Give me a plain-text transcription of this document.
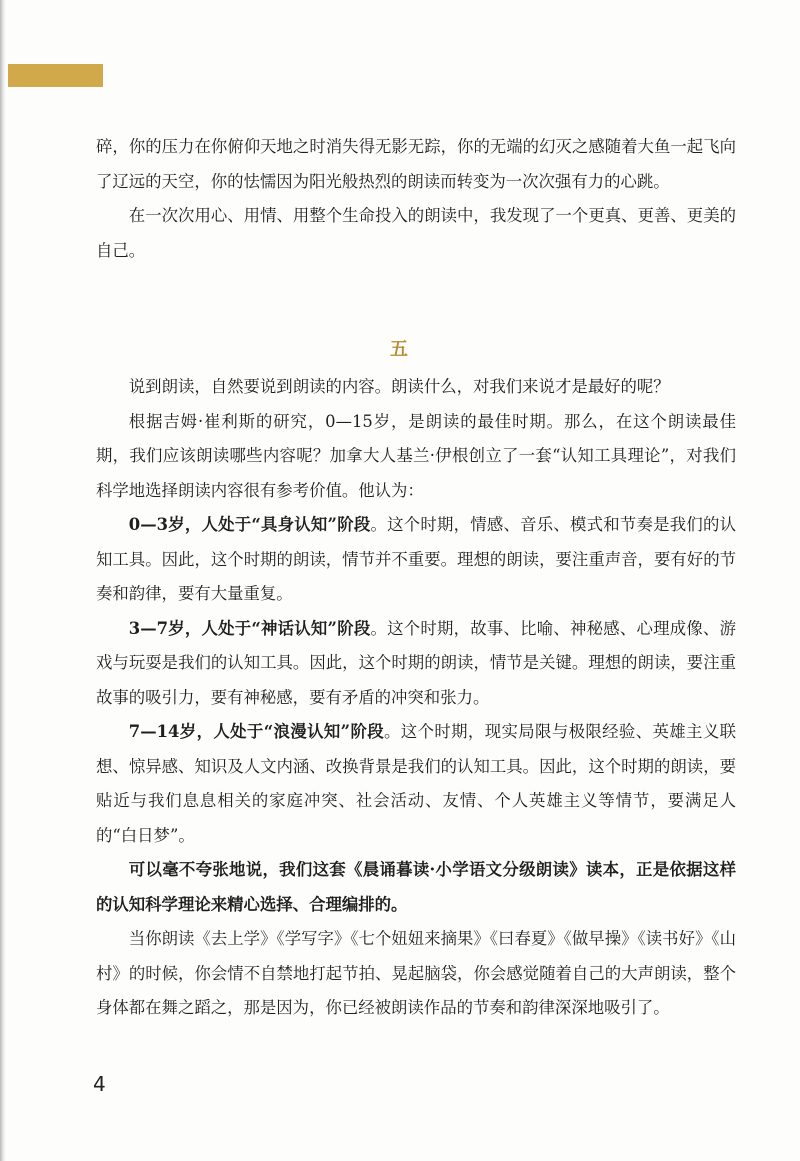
碎，你的压力在你俯仰天地之时消失得无影无踪，你的无端的幻灭之感随着大鱼一起飞向了辽远的天空，你的怯懦因为阳光般热烈的朗读而转变为一次次强有力的心跳。

在一次次用心、用情、用整个生命投入的朗读中，我发现了一个更真、更善、更美的自己。

五

说到朗读，自然要说到朗读的内容。朗读什么，对我们来说才是最好的呢？

根据吉姆·崔利斯的研究，0—15岁，是朗读的最佳时期。那么，在这个朗读最佳期，我们应该朗读哪些内容呢？加拿大人基兰·伊根创立了一套“认知工具理论”，对我们科学地选择朗读内容很有参考价值。他认为：

0—3岁，人处于“具身认知”阶段。这个时期，情感、音乐、模式和节奏是我们的认知工具。因此，这个时期的朗读，情节并不重要。理想的朗读，要注重声音，要有好的节奏和韵律，要有大量重复。

3—7岁，人处于“神话认知”阶段。这个时期，故事、比喻、神秘感、心理成像、游戏与玩耍是我们的认知工具。因此，这个时期的朗读，情节是关键。理想的朗读，要注重故事的吸引力，要有神秘感，要有矛盾的冲突和张力。

7—14岁，人处于“浪漫认知”阶段。这个时期，现实局限与极限经验、英雄主义联想、惊异感、知识及人文内涵、改换背景是我们的认知工具。因此，这个时期的朗读，要贴近与我们息息相关的家庭冲突、社会活动、友情、个人英雄主义等情节，要满足人的“白日梦”。

可以毫不夸张地说，我们这套《晨诵暮读·小学语文分级朗读》读本，正是依据这样的认知科学理论来精心选择、合理编排的。

当你朗读《去上学》《学写字》《七个妞妞来摘果》《曰春夏》《做早操》《读书好》《山村》的时候，你会情不自禁地打起节拍、晃起脑袋，你会感觉随着自己的大声朗读，整个身体都在舞之蹈之，那是因为，你已经被朗读作品的节奏和韵律深深地吸引了。

4
